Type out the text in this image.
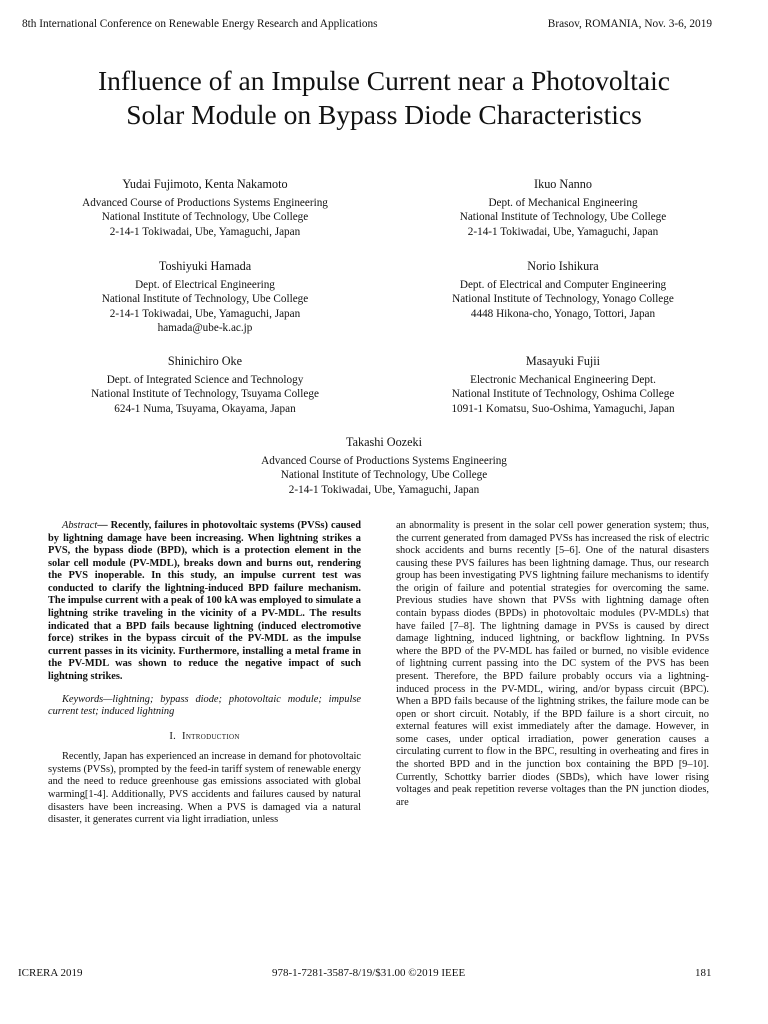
8th International Conference on Renewable Energy Research and Applications	Brasov, ROMANIA, Nov. 3-6, 2019
Influence of an Impulse Current near a Photovoltaic
Solar Module on Bypass Diode Characteristics
Yudai Fujimoto, Kenta Nakamoto
Advanced Course of Productions Systems Engineering
National Institute of Technology, Ube College
2-14-1 Tokiwadai, Ube, Yamaguchi, Japan
Ikuo Nanno
Dept. of Mechanical Engineering
National Institute of Technology, Ube College
2-14-1 Tokiwadai, Ube, Yamaguchi, Japan
Toshiyuki Hamada
Dept. of Electrical Engineering
National Institute of Technology, Ube College
2-14-1 Tokiwadai, Ube, Yamaguchi, Japan
hamada@ube-k.ac.jp
Norio Ishikura
Dept. of Electrical and Computer Engineering
National Institute of Technology, Yonago College
4448 Hikona-cho, Yonago, Tottori, Japan
Shinichiro Oke
Dept. of Integrated Science and Technology
National Institute of Technology, Tsuyama College
624-1 Numa, Tsuyama, Okayama, Japan
Masayuki Fujii
Electronic Mechanical Engineering Dept.
National Institute of Technology, Oshima College
1091-1 Komatsu, Suo-Oshima, Yamaguchi, Japan
Takashi Oozeki
Advanced Course of Productions Systems Engineering
National Institute of Technology, Ube College
2-14-1 Tokiwadai, Ube, Yamaguchi, Japan

Abstract— Recently, failures in photovoltaic systems (PVSs) caused by lightning damage have been increasing. When lightning strikes a PVS, the bypass diode (BPD), which is a protection element in the solar cell module (PV-MDL), breaks down and burns out, rendering the PVS inoperable. In this study, an impulse current test was conducted to clarify the lightning-induced BPD failure mechanism. The impulse current with a peak of 100 kA was employed to simulate a lightning strike traveling in the vicinity of a PV-MDL. The results indicated that a BPD fails because lightning (induced electromotive force) strikes in the bypass circuit of the PV-MDL as the impulse current passes in its vicinity. Furthermore, installing a metal frame in the PV-MDL was shown to reduce the negative impact of such lightning strikes.

Keywords—lightning; bypass diode; photovoltaic module; impulse current test; induced lightning

I. Introduction

Recently, Japan has experienced an increase in demand for photovoltaic systems (PVSs), prompted by the feed-in tariff system of renewable energy and the need to reduce greenhouse gas emissions associated with global warming[1-4]. Additionally, PVS accidents and failures caused by natural disasters have been increasing. When a PVS is damaged via a natural disaster, it generates current via light irradiation, unless

an abnormality is present in the solar cell power generation system; thus, the current generated from damaged PVSs has increased the risk of electric shock accidents and burns recently [5–6]. One of the natural disasters causing these PVS failures has been lightning damage. Thus, our research group has been investigating PVS lightning failure mechanisms to identify the origin of failure and potential strategies for overcoming the same. Previous studies have shown that PVSs with lightning damage often contain bypass diodes (BPDs) in photovoltaic modules (PV-MDLs) that have failed [7–8]. The lightning damage in PVSs is caused by direct damage lightning, induced lightning, or backflow lightning. In PVSs where the BPD of the PV-MDL has failed or burned, no visible evidence of lightning current passing into the DC system of the PVS has been present. Therefore, the BPD failure probably occurs via a lightning-induced process in the PV-MDL, wiring, and/or bypass circuit (BPC). When a BPD fails because of the lightning strikes, the failure mode can be open or short circuit. Notably, if the BPD failure is a short circuit, no external features will exist immediately after the damage. However, in some cases, under optical irradiation, power generation causes a circulating current to flow in the BPC, resulting in overheating and fires in the shorted BPD and in the junction box containing the BPD [9–10]. Currently, Schottky barrier diodes (SBDs), which have lower rising voltages and peak repetition reverse voltages than the PN junction diodes, are

ICRERA 2019	978-1-7281-3587-8/19/$31.00 ©2019 IEEE	181
